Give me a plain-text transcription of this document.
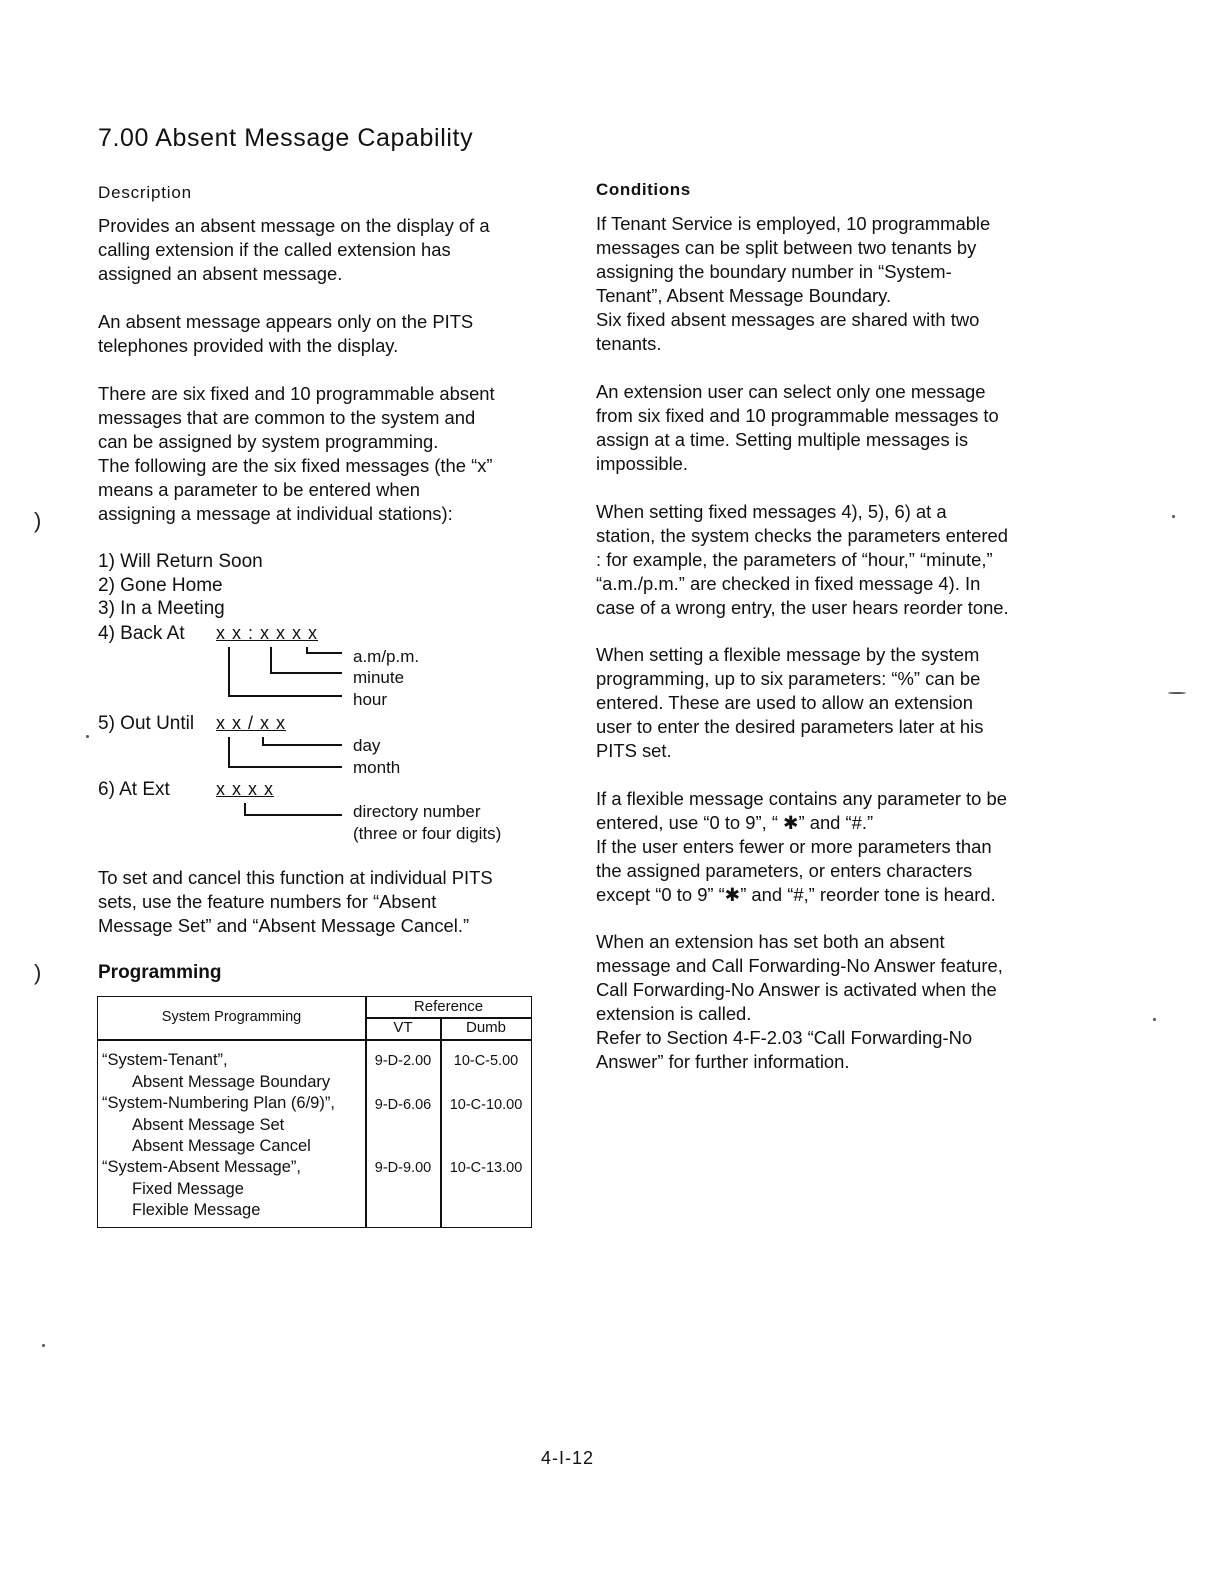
7.00 Absent Message Capability
Description
Provides an absent message on the display of a
calling extension if the called extension has
assigned an absent message.
An absent message appears only on the PITS
telephones provided with the display.
There are six fixed and 10 programmable absent
messages that are common to the system and
can be assigned by system programming.
The following are the six fixed messages (the “x”
means a parameter to be entered when
assigning a message at individual stations):
1) Will Return Soon
2) Gone Home
3) In a Meeting
4) Back At x x : x x x x
a.m/p.m.
minute
hour
5) Out Until x x / x x
day
month
6) At Ext	x x x x
directory number
(three or four digits)
To set and cancel this function at individual PITS
sets, use the feature numbers for “Absent
Message Set” and “Absent Message Cancel.”
Programming
System Programming
Reference
VT	Dumb
“System-Tenant”,
Absent Message Boundary
9-D-2.00	10-C-5.00
“System-Numbering Plan (6/9)”,
Absent Message Set
Absent Message Cancel
9-D-6.06	10-C-10.00
“System-Absent Message”,
Fixed Message
Flexible Message
9-D-9.00	10-C-13.00
Conditions
If Tenant Service is employed, 10 programmable
messages can be split between two tenants by
assigning the boundary number in “System-
Tenant”, Absent Message Boundary.
Six fixed absent messages are shared with two
tenants.
An extension user can select only one message
from six fixed and 10 programmable messages to
assign at a time. Setting multiple messages is
impossible.
When setting fixed messages 4), 5), 6) at a
station, the system checks the parameters entered
: for example, the parameters of “hour,” “minute,”
“a.m./p.m.” are checked in fixed message 4). In
case of a wrong entry, the user hears reorder tone.
When setting a flexible message by the system
programming, up to six parameters: “%” can be
entered. These are used to allow an extension
user to enter the desired parameters later at his
PITS set.
If a flexible message contains any parameter to be
entered, use “0 to 9”, “ ✱” and “#.”
If the user enters fewer or more parameters than
the assigned parameters, or enters characters
except “0 to 9” “✱” and “#,” reorder tone is heard.
When an extension has set both an absent
message and Call Forwarding-No Answer feature,
Call Forwarding-No Answer is activated when the
extension is called.
Refer to Section 4-F-2.03 “Call Forwarding-No
Answer” for further information.
4-I-12
)
)
